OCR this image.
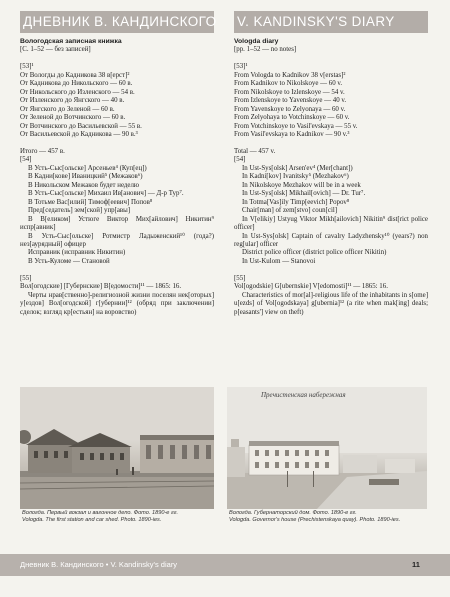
ДНЕВНИК В. КАНДИНСКОГО

Вологодская записная книжка

[С. 1–52 — без записей]

[53]¹

От Вологды до Кадникова 38 в[ерст]²

От Кадникова до Никольского — 60 в.

От Никольского до Изленского — 54 в.

От Изленского до Янгского — 40 в.

От Янгского до Зеленой — 60 в.

От Зеленой до Вотчинского — 60 в.

От Вотчинского до Васильевской — 55 в.

От Васильевской до Кадникова — 90 в.³

Итого — 457 в.

[54]

В Усть-Сыс[ольске] Арсеньев⁴ (Куп[ец])

В Кадни[кове] Иваницкий⁵ (Межаков⁶)

В Никольском Межаков будет неделю

В Усть-Сыс[ольске] Михаил Ив[анович] — Д-р Тур⁷.

В Тотьме Вас[илий] Тимоф[еевич] Попов⁸

Пред[седатель] зем[ской] упр[авы]

В В[еликом] Устюге Виктор Мих[айлович] Никитин⁹ испр[авник]

В Усть-Сыс[ольске] Ротмистр Ладыженский¹⁰ (года?) нез[аурядный] офицер

Исправник (исправник Никитин)

В Усть-Куломе — Становой

[55]

Вол[огодские] [Губернские] В[едомости]¹¹ — 1865: 16.

Черты нрав[ственно]-религиозной жизни поселян нек[оторых] у[ездов] Вол[огодской] г[убернии]¹² (обряд при заключении] сделок; взгляд кр[естьян] на воровство)

V. KANDINSKY'S DIARY

Vologda diary

[pp. 1–52 — no notes]

[53]¹

From Vologda to Kadnikov 38 v[erstas]²

From Kadnikov to Nikolskoye — 60 v.

From Nikolskoye to Izlenskoye — 54 v.

From Izlenskoye to Yavenskoye — 40 v.

From Yavenskoye to Zelyonaya — 60 v.

From Zelyohaya to Votchinskoye — 60 v.

From Votchinskoye to Vasil'evskaya — 55 v.

From Vasil'evskaya to Kadnikov — 90 v.³

Total — 457 v.

[54]

In Ust-Sys[olsk] Arsen'ev⁴ (Mer[chant])

In Kadni[kov] Ivanitsky⁵ (Mezhakov⁶)

In Nikolskoye Mezhakov will be in a week

In Ust-Sys[olsk] Mikhail[ovich] — Dr. Tur⁷.

In Totma[Vas]ily Timp[eevich] Popov⁸

Chair[man] of zem[stvo] coun[cil]

In V[elikiy] Ustyug Viktor Mikh[ailovich] Nikitin⁹ dist[rict police officer]

In Ust-Sys[olsk] Captain of cavalry Ladyzhensky¹⁰ (years?) non reg[ular] officer

District police officer (district police officer Nikitin)

In Ust-Kulom — Stanovoi

[55]

Vol[ogodskie] G[ubernskie] V[edomosti]¹¹ — 1865: 16.

Characteristics of mor[al]-religious life of the inhabitants in s[ome] u[ezds] of Vol[ogodskaya] g[ubernia]¹² (a rite when mak[ing] deals; p[easants'] view on theft)

Пречистенская набережная
Вологда. Первый вокзал и вагонное депо. Фото. 1890-е гг.
Vologda. The first station and car shed. Photo. 1890-ies.
Вологда. Губернаторский дом. Фото. 1890-е гг.
Vologda. Governor's house (Prechistenskaya quay). Photo. 1890-ies.
Дневник В. Кандинского • V. Kandinsky's diary	11
